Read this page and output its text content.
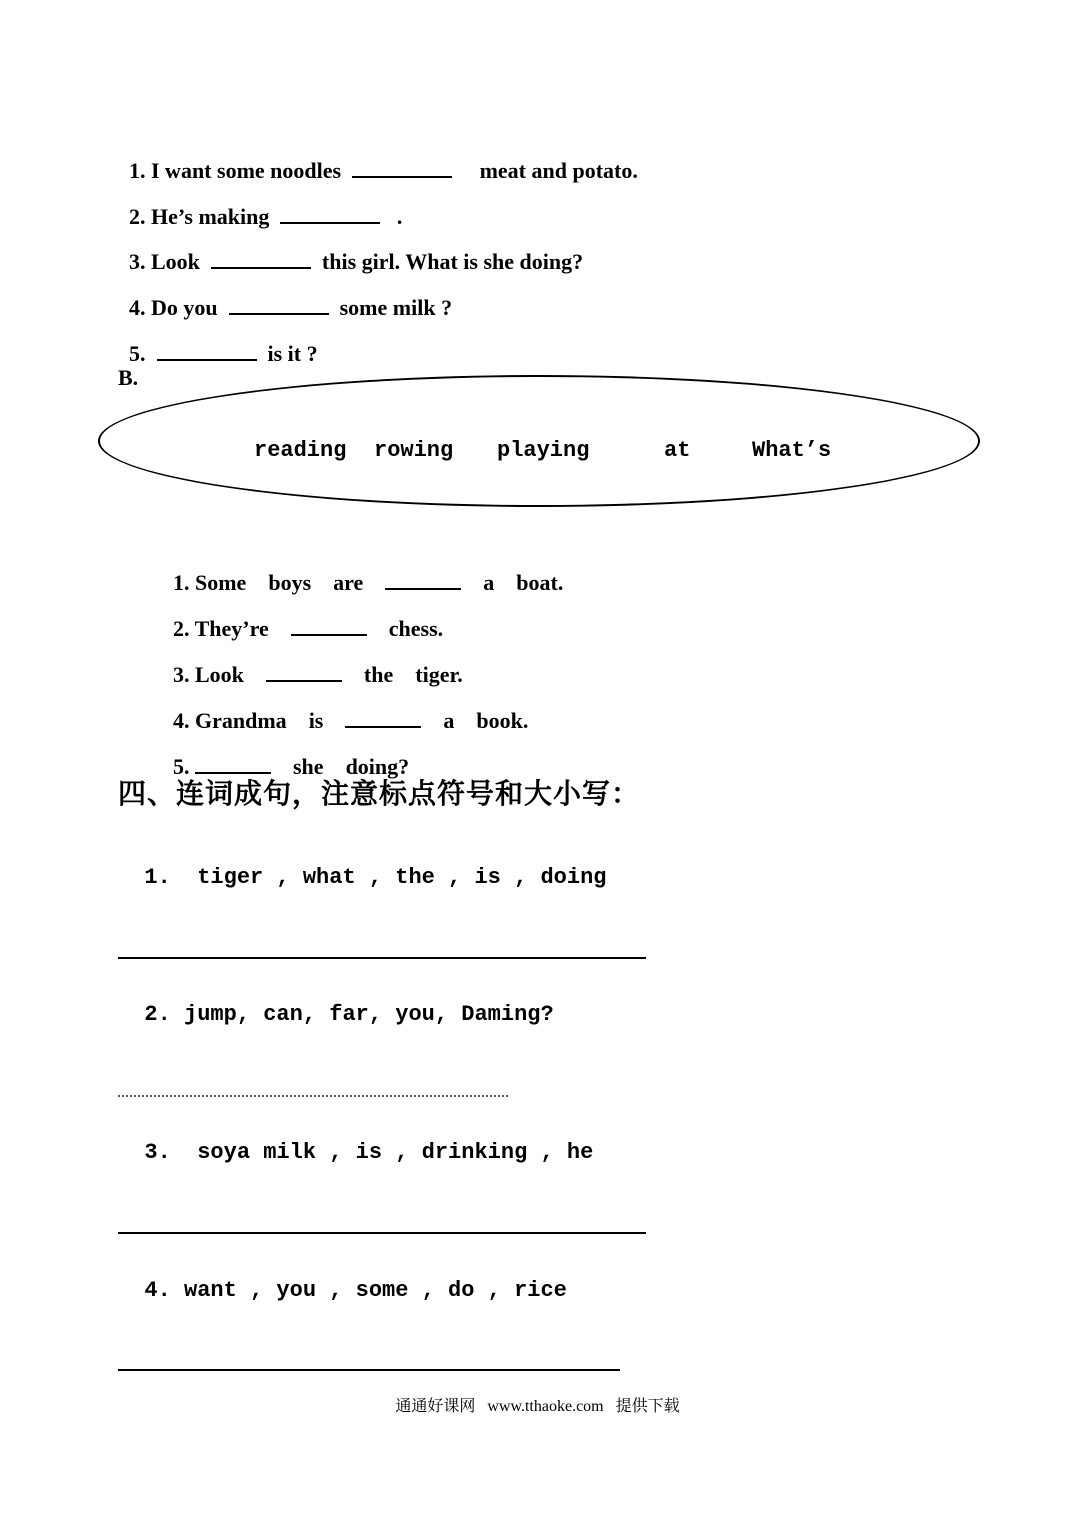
1. I want some noodles	meat and potato.

2. He’s making	.

3. Look	this girl. What is she doing?

4. Do you	some milk ?

5.	is it ?

B.
reading rowing playing	at	What’s

1. Some boys are	a boat.

2. They’re	chess.

3. Look	the tiger.

4. Grandma is	a book.

5.	she doing?

四、连词成句，注意标点符号和大小写：

1. tiger , what , the , is , doing

2. jump, can, far, you, Daming?

3. soya milk , is , drinking , he

4. want , you , some , do , rice

通通好课网 www.tthaoke.com 提供下载
